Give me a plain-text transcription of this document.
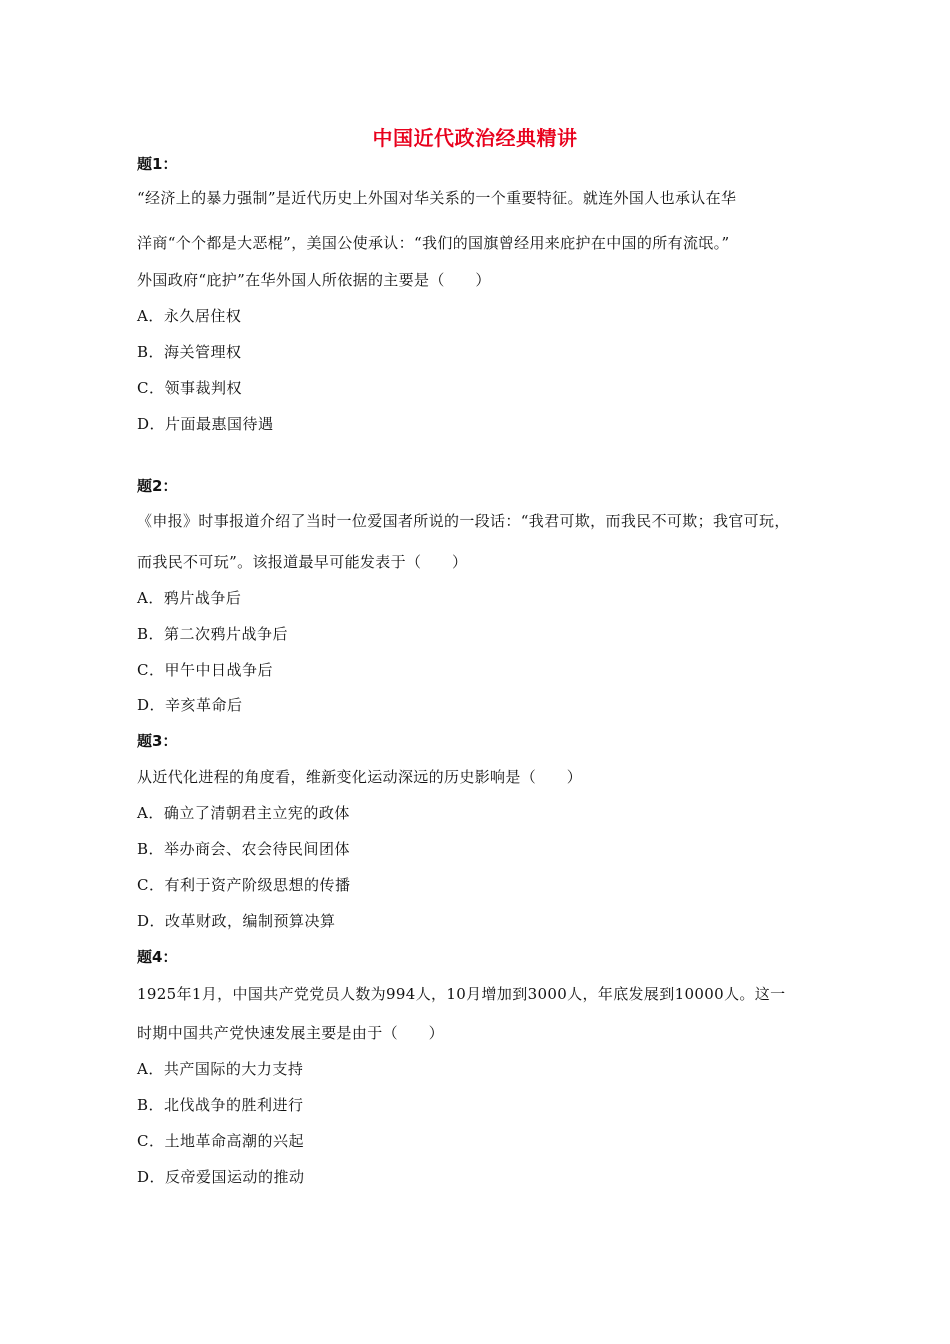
中国近代政治经典精讲
题1：
“经济上的暴力强制”是近代历史上外国对华关系的一个重要特征。就连外国人也承认在华
洋商“个个都是大恶棍”，美国公使承认：“我们的国旗曾经用来庇护在中国的所有流氓。”
外国政府“庇护”在华外国人所依据的主要是（　　）
A．永久居住权
B．海关管理权
C．领事裁判权
D．片面最惠国待遇
题2：
《申报》时事报道介绍了当时一位爱国者所说的一段话：“我君可欺，而我民不可欺；我官可玩，
而我民不可玩”。该报道最早可能发表于（　　）
A．鸦片战争后
B．第二次鸦片战争后
C．甲午中日战争后
D．辛亥革命后
题3：
从近代化进程的角度看，维新变化运动深远的历史影响是（　　）
A．确立了清朝君主立宪的政体
B．举办商会、农会待民间团体
C．有利于资产阶级思想的传播
D．改革财政，编制预算决算
题4：
1925年1月，中国共产党党员人数为994人，10月增加到3000人，年底发展到10000人。这一
时期中国共产党快速发展主要是由于（　　）
A．共产国际的大力支持
B．北伐战争的胜利进行
C．土地革命高潮的兴起
D．反帝爱国运动的推动
